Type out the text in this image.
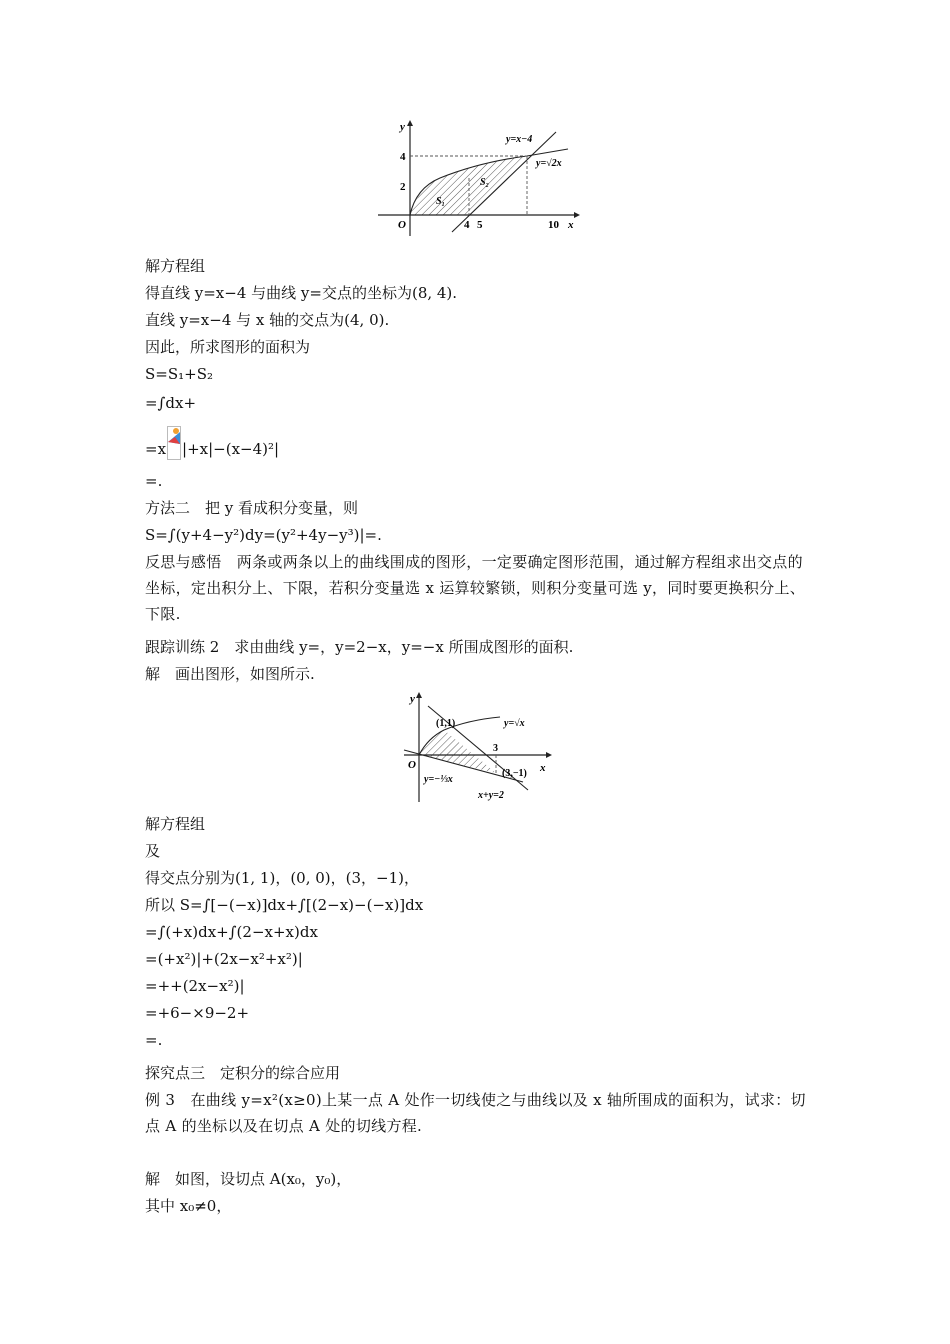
y
x
O
4
2
4 5	10
y=x−4
y=√2x
S₁
S₂
解方程组
得直线 y=x−4 与曲线 y=交点的坐标为(8, 4).
直线 y=x−4 与 x 轴的交点为(4, 0).
因此，所求图形的面积为
S=S₁+S₂
=∫dx+
=x |+x|−(x−4)²|
=.
方法二　把 y 看成积分变量，则
S=∫(y+4−y²)dy=(y²+4y−y³)|=.
反思与感悟　两条或两条以上的曲线围成的图形，一定要确定图形范围，通过解方程组求出交点的坐标，定出积分上、下限，若积分变量选 x 运算较繁锁，则积分变量可选 y，同时要更换积分上、下限.
跟踪训练 2　求由曲线 y=，y=2−x，y=−x 所围成图形的面积.
解　画出图形，如图所示.
y
x
O
(1,1)
(3,−1)
3
y=√x
y=−⅓x
x+y=2
解方程组
及
得交点分别为(1, 1)，(0, 0)，(3，−1)，
所以 S=∫[−(−x)]dx+∫[(2−x)−(−x)]dx
=∫(+x)dx+∫(2−x+x)dx
=(+x²)|+(2x−x²+x²)|
=++(2x−x²)|
=+6−×9−2+
=.
探究点三　定积分的综合应用
例 3　在曲线 y=x²(x≥0)上某一点 A 处作一切线使之与曲线以及 x 轴所围成的面积为，试求：切点 A 的坐标以及在切点 A 处的切线方程.
解　如图，设切点 A(x₀，y₀)，
其中 x₀≠0，
